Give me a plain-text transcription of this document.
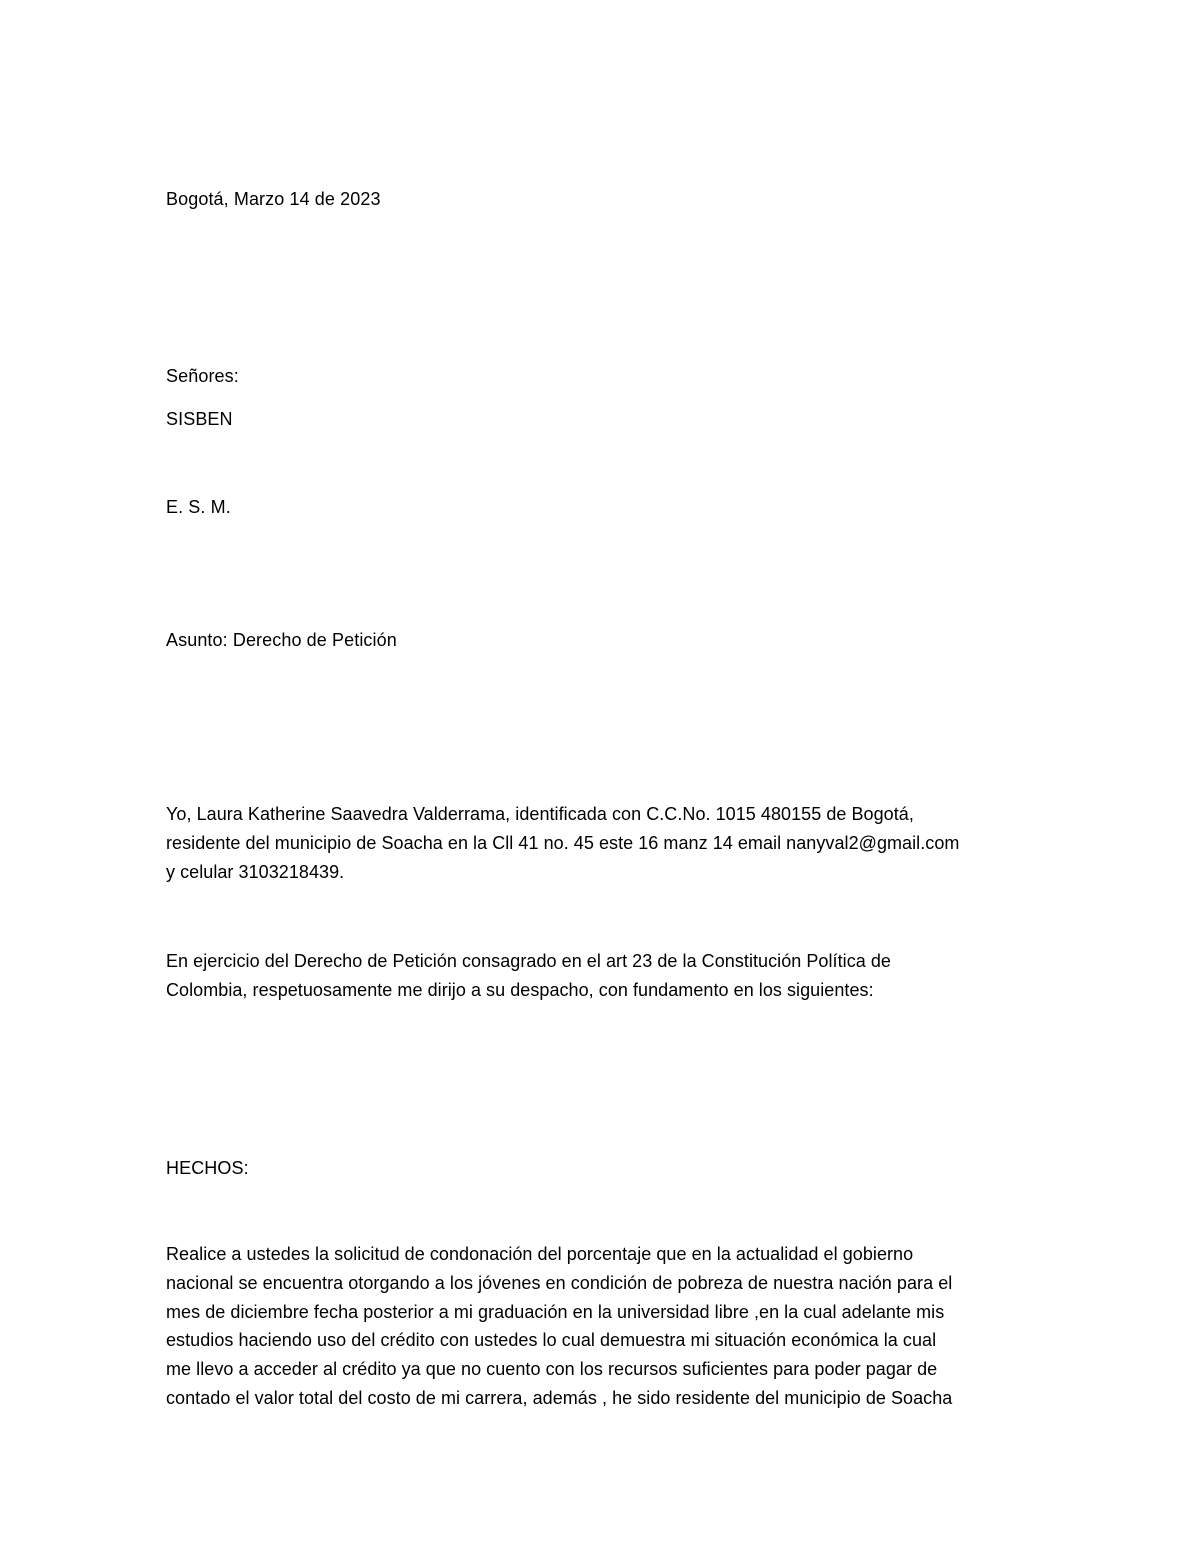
Bogotá, Marzo 14 de 2023
Señores:
SISBEN
E. S. M.
Asunto: Derecho de Petición
Yo, Laura Katherine Saavedra Valderrama, identificada con C.C.No. 1015 480155 de Bogotá,
residente del municipio de Soacha en la Cll 41 no. 45 este 16 manz 14 email nanyval2@gmail.com
y celular 3103218439.
En ejercicio del Derecho de Petición consagrado en el art 23 de la Constitución Política de
Colombia, respetuosamente me dirijo a su despacho, con fundamento en los siguientes:
HECHOS:
Realice a ustedes la solicitud de condonación del porcentaje que en la actualidad el gobierno
nacional se encuentra otorgando a los jóvenes en condición de pobreza de nuestra nación para el
mes de diciembre fecha posterior a mi graduación en la universidad libre ,en la cual adelante mis
estudios haciendo uso del crédito con ustedes lo cual demuestra mi situación económica la cual
me llevo a acceder al crédito ya que no cuento con los recursos suficientes para poder pagar de
contado el valor total del costo de mi carrera, además , he sido residente del municipio de Soacha
